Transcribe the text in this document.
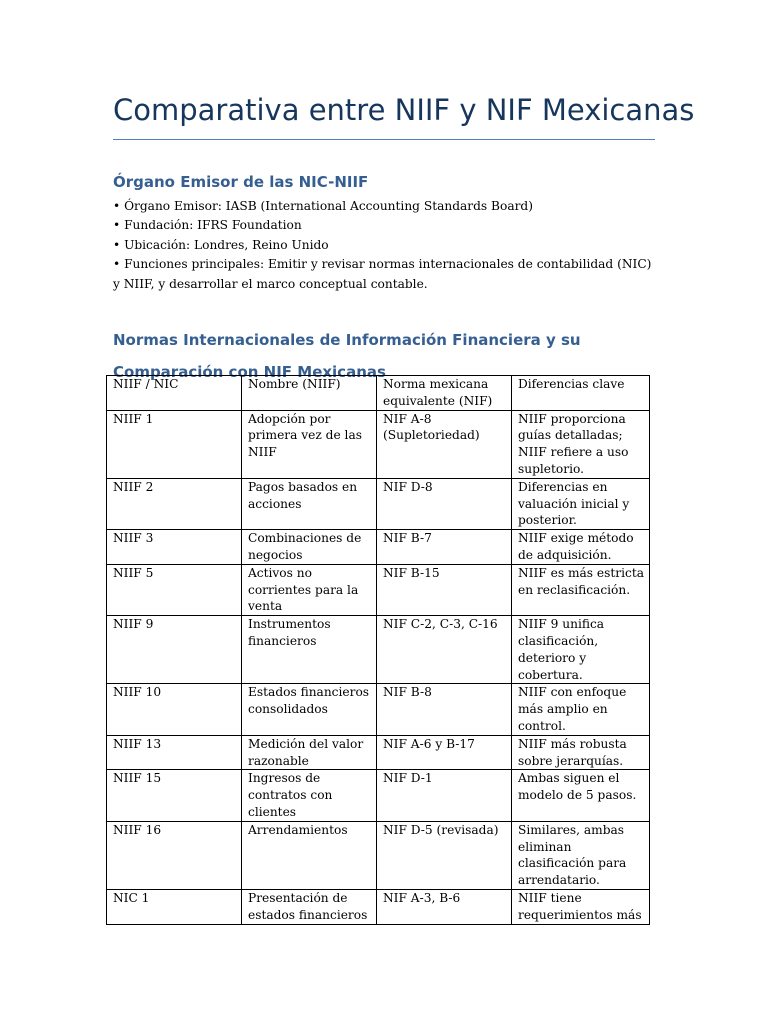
Comparativa entre NIIF y NIF Mexicanas
Órgano Emisor de las NIC-NIIF
• Órgano Emisor: IASB (International Accounting Standards Board)
• Fundación: IFRS Foundation
• Ubicación: Londres, Reino Unido
• Funciones principales: Emitir y revisar normas internacionales de contabilidad (NIC) y NIIF, y desarrollar el marco conceptual contable.
Normas Internacionales de Información Financiera y su Comparación con NIF Mexicanas
NIIF / NIC	Nombre (NIIF)	Norma mexicana equivalente (NIF)	Diferencias clave
NIIF 1	Adopción por primera vez de las NIIF	NIF A-8 (Supletoriedad)	NIIF proporciona guías detalladas; NIIF refiere a uso supletorio.
NIIF 2	Pagos basados en acciones	NIF D-8	Diferencias en valuación inicial y posterior.
NIIF 3	Combinaciones de negocios	NIF B-7	NIIF exige método de adquisición.
NIIF 5	Activos no corrientes para la venta	NIF B-15	NIIF es más estricta en reclasificación.
NIIF 9	Instrumentos financieros	NIF C-2, C-3, C-16	NIIF 9 unifica clasificación, deterioro y cobertura.
NIIF 10	Estados financieros consolidados	NIF B-8	NIIF con enfoque más amplio en control.
NIIF 13	Medición del valor razonable	NIF A-6 y B-17	NIIF más robusta sobre jerarquías.
NIIF 15	Ingresos de contratos con clientes	NIF D-1	Ambas siguen el modelo de 5 pasos.
NIIF 16	Arrendamientos	NIF D-5 (revisada)	Similares, ambas eliminan clasificación para arrendatario.
NIC 1	Presentación de estados financieros	NIF A-3, B-6	NIIF tiene requerimientos más
